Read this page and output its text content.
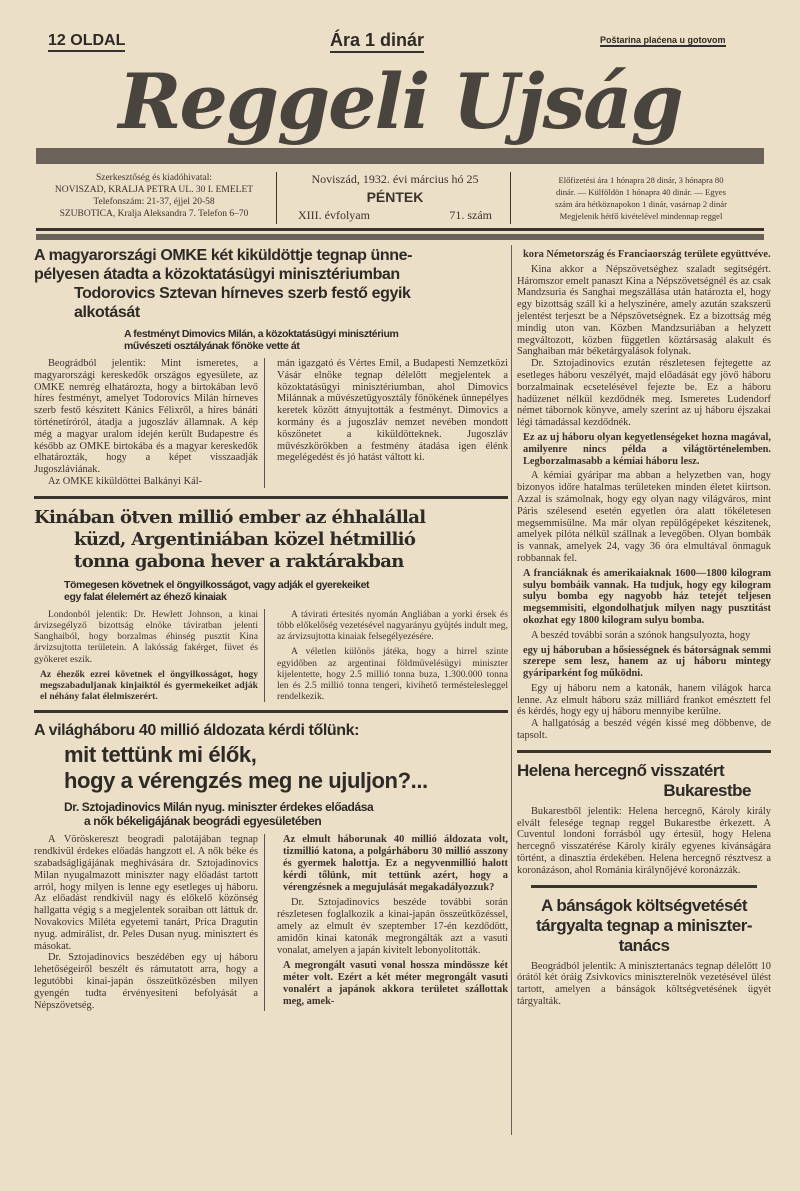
12 OLDAL	Ára 1 dinár	Poštarina plaćena u gotovom
Reggeli Ujság
Szerkesztőség és kiadóhivatal:
NOVISZAD, KRALJA PETRA UL. 30 I. EMELET
Telefonszám: 21-37, éjjel 20-58
SZUBOTICA, Kralja Aleksandra 7. Telefon 6–70
Noviszád, 1932. évi március hó 25
PÉNTEK
XIII. évfolyam	71. szám
Előfizetési ára 1 hónapra 28 dinár, 3 hónapra 80
dinár. — Külföldön 1 hónapra 40 dinár. — Egyes
szám ára hétköznapokon 1 dinár, vasárnap 2 dinár
Megjelenik hétfő kivételével mindennap reggel
A magyarországi OMKE két kiküldöttje tegnap ünne-
pélyesen átadta a közoktatásügyi minisztériumban
Todorovics Sztevan hírneves szerb festő egyik
alkotását
A festményt Dimovics Milán, a közoktatásügyi minisztérium
művészeti osztályának főnöke vette át

Beográdból jelentik: Mint ismeretes, a magyarországi kereskedők országos egyesülete, az OMKE nemrég elhatározta, hogy a birtokában levő híres festményt, amelyet Todorovics Milán hírneves szerb festő készitett Kánics Félixről, a híres bánáti történetíróról, átadja a jugoszláv államnak. A kép még a magyar uralom idején került Budapestre és később az OMKE birtokába és a magyar kereskedők elhatározták, hogy a képet visszaadják Jugoszláviának.

Az OMKE kiküldöttei Balkányi Kál-

mán igazgató és Vértes Emil, a Budapesti Nemzetközi Vásár elnöke tegnap délelőtt megjelentek a közoktatásügyi minisztériumban, ahol Dimovics Milánnak a művészetügyosztály főnökének ünnepélyes keretek között átnyujtották a festményt. Dimovics a kormány és a jugoszláv nemzet nevében mondott köszönetet a kiküldötteknek. Jugoszláv művészkörökben a festmény átadása igen élénk megelégedést és jó hatást váltott ki.

Kinában ötven millió ember az éhhalállal
küzd, Argentiniában közel hétmillió
tonna gabona hever a raktárakban
Tömegesen követnek el öngyilkosságot, vagy adják el gyerekeiket
egy falat élelemért az éhező kinaiak

Londonból jelentik: Dr. Hewlett Johnson, a kinai árvizsegélyző bizottság elnöke táviratban jelenti Sanghaiból, hogy borzalmas éhinség pusztit Kina árvizsujtotta területein. A lakósság fakérget, füvet és gyökeret eszik.

Az éhezők ezrei követnek el öngyilkosságot, hogy megszabaduljanak kinjaiktól és gyermekeiket adják el néhány falat élelmiszerért.

A távirati értesités nyomán Angliában a yorki érsek és több előkelőség vezetésével nagyarányu gyüjtés indult meg, az árvizsujtotta kinaiak felsegélyezésére.

A véletlen különös játéka, hogy a hirrel szinte egyidőben az argentinai földmüvelésügyi miniszter kijelentette, hogy 2.5 millió tonna buza, 1.300.000 tonna len és 2.5 millió tonna tengeri, kivihető terméstelesleggel rendelkezik.

A világháboru 40 millió áldozata kérdi tőlünk:
mit tettünk mi élők,
hogy a vérengzés meg ne ujuljon?...
Dr. Sztojadinovics Milán nyug. miniszter érdekes előadása
a nők békeligájának beográdi egyesületében

A Vöröskereszt beogradi palotájában tegnap rendkivül érdekes előadás hangzott el. A nők béke és szabadságligájának meghivására dr. Sztojadinovics Milan nyugalmazott miniszter nagy előadást tartott arról, hogy milyen is lenne egy esetleges uj háboru. Az előadást rendkivül nagy és előkelő közönség hallgatta végig s a megjelentek soraiban ott láttuk dr. Novakovics Miléta egyetemi tanárt, Prica Dragutin nyug. admirálist, dr. Peles Dusan nyug. minisztert és másokat.

Dr. Sztojadinovics beszédében egy uj háboru lehetőségeiről beszélt és rámutatott arra, hogy a legutóbbi kinai-japán összeütközésben milyen gyengén tudta érvényesiteni befolyását a Népszövetség.

Az elmult háborunak 40 millió áldozata volt, tizmillió katona, a polgárháboru 30 millió asszony és gyermek halottja. Ez a negyvenmillió halott kérdi tőlünk, mit tettünk azért, hogy a vérengzésnek a megujulását megakadályozzuk?

Dr. Sztojadinovics beszéde további során részletesen foglalkozik a kinai-japán összeütközéssel, amely az elmult év szeptember 17-én kezdődött, amidőn kinai katonák megrongálták azt a vasuti vonalat, amelyen a japán kivitelt lebonyolitották.

A megrongált vasuti vonal hossza mindössze két méter volt. Ezért a két méter megrongált vasuti vonalért a japánok akkora területet szállottak meg, amek-

kora Németország és Franciaország területe együttvéve.

Kina akkor a Népszövetséghez szaladt segitségért. Háromszor emelt panaszt Kina a Népszövetségnél és az csak Mandzsuria és Sanghai megszállása után határozta el, hogy egy bizottság száll ki a helyszinére, amely azután szakszerű jelentést terjeszt be a Népszövetségnek. Ez a bizottság még mindig uton van. Közben Mandzsuriában a helyzett megváltozott, közben független köztársaság alakult és Sanghaiban már béketárgyalások folynak.

Dr. Sztojadinovics ezután részletesen fejtegette az esetleges háboru veszélyét, majd előadását egy jövő háboru borzalmainak ecsetelésével fejezte be. Ez a háboru hadüzenet nélkül kezdődnék meg. Ismeretes Ludendorf német tábornok könyve, amely szerint az uj háboru éjszakai légi támadással kezdődnék.

Ez az uj háboru olyan kegyetlenségeket hozna magával, amilyenre nincs példa a világtörténelemben. Legborzalmasabb a kémiai háboru lesz.

A kémiai gyáripar ma abban a helyzetben van, hogy bizonyos időre hatalmas területeken minden életet kiirtson. Azzal is számolnak, hogy egy olyan nagy világváros, mint Páris szélesend esetén egyetlen óra alatt tökéletesen megsemmisülne. Ma már olyan repülőgépeket készitenek, amelyek pilóta nélkül szállnak a levegőben. Olyan bombák is vannak, amelyek 24, vagy 36 óra elmultával önmaguk robbannak fel.

A franciáknak és amerikaiaknak 1600—1800 kilogram sulyu bombáik vannak. Ha tudjuk, hogy egy kilogram sulyu bomba egy nagyobb ház tetejét teljesen megsemmisiti, elgondolhatjuk milyen nagy pusztitást okozhat egy 1800 kilogram sulyu bomba.

A beszéd további során a szónok hangsulyozta, hogy

egy uj háboruban a hősiességnek és bátorságnak semmi szerepe sem lesz, hanem az uj háboru mintegy gyáriparként fog működni.

Egy uj háboru nem a katonák, hanem világok harca lenne. Az elmult háboru száz milliárd frankot emésztett fel és kérdés, hogy egy uj háboru mennyibe kerülne.

A hallgatóság a beszéd végén kissé meg döbbenve, de tapsolt.

Helena hercegnő visszatért
Bukarestbe

Bukarestből jelentik: Helena hercegnő, Károly király elvált felesége tegnap reggel Bukarestbe érkezett. A Cuventul londoni forrásból ugy értesül, hogy Helena hercegnő visszatérése Károly király egyenes kivánságára történt, a dinasztia érdekében. Helena hercegnő résztvesz a koronázáson, ahol Románia királynőjévé koronázzák.

A bánságok költségvetését
tárgyalta tegnap a miniszter-
tanács

Beográdból jelentik: A minisztertanács tegnap délelőtt 10 órától két óráig Zsivkovics miniszterelnök vezetésével ülést tartott, amelyen a bánságok költségvetésének ügyét tárgyalták.
